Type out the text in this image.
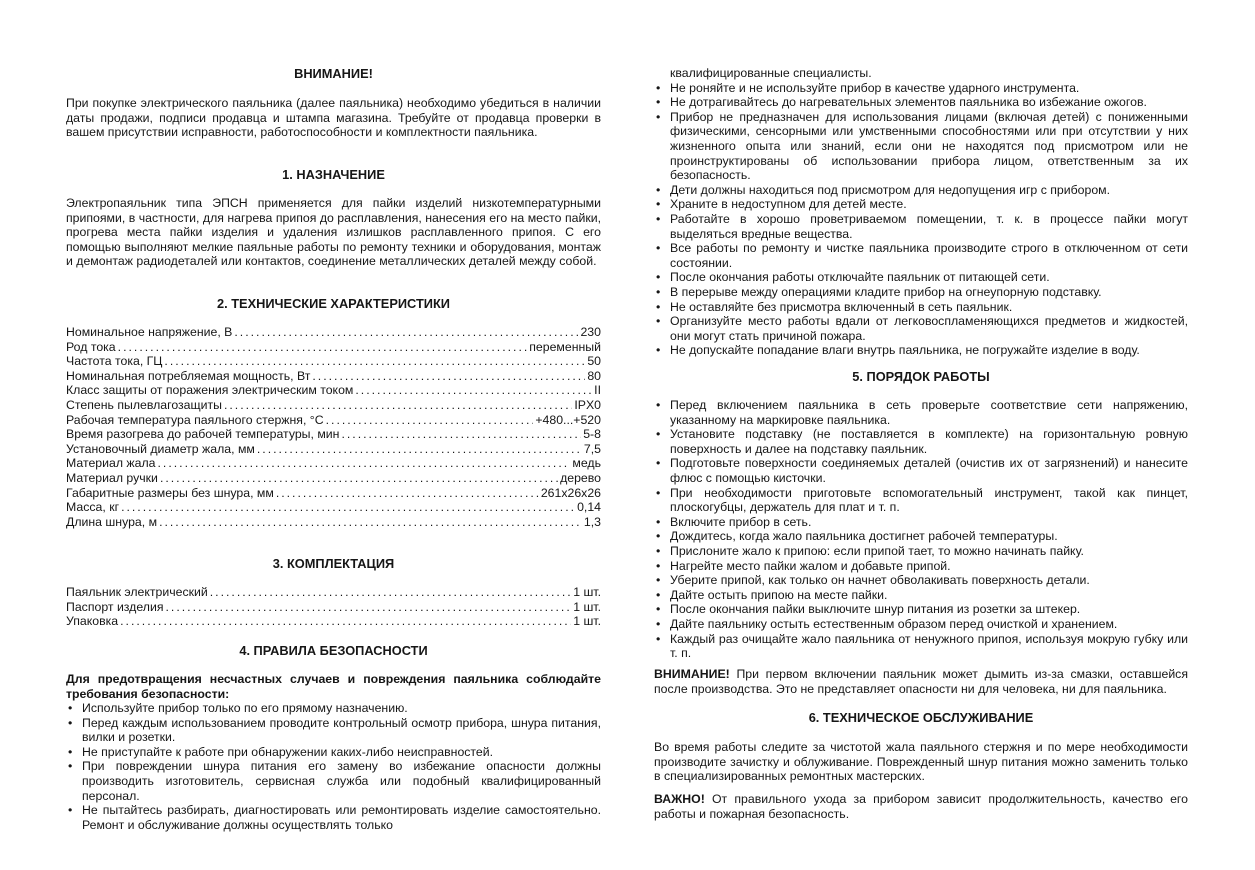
ВНИМАНИЕ!

При покупке электрического паяльника (далее паяльника) необходимо убедиться в наличии даты продажи, подписи продавца и штампа магазина. Требуйте от продавца проверки в вашем присутствии исправности, работоспособности и комплектности паяльника.

1. НАЗНАЧЕНИЕ

Электропаяльник типа ЭПСН применяется для пайки изделий низкотемпературными припоями, в частности, для нагрева припоя до расплавления, нанесения его на место пайки, прогрева места пайки изделия и удаления излишков расплавленного припоя. С его помощью выполняют мелкие паяльные работы по ремонту техники и оборудования, монтаж и демонтаж радиодеталей или контактов, соединение металлических деталей между собой.

2. ТЕХНИЧЕСКИЕ ХАРАКТЕРИСТИКИ
Номинальное напряжение, В .....	230
Род тока .....	переменный
Частота тока, ГЦ .....	50
Номинальная потребляемая мощность, Вт .....	80
Класс защиты от поражения электрическим током .....	II
Степень пылевлагозащиты .....	IPX0
Рабочая температура паяльного стержня, °С .....	+480...+520
Время разогрева до рабочей температуры, мин .....	5-8
Установочный диаметр жала, мм .....	7,5
Материал жала .....	медь
Материал ручки .....	дерево
Габаритные размеры без шнура, мм .....	261x26x26
Масса, кг .....	0,14
Длина шнура, м .....	1,3
3. КОМПЛЕКТАЦИЯ
Паяльник электрический .....	1 шт.
Паспорт изделия .....	1 шт.
Упаковка .....	1 шт.
4. ПРАВИЛА БЕЗОПАСНОСТИ

Для предотвращения несчастных случаев и повреждения паяльника соблюдайте требования безопасности:

• Используйте прибор только по его прямому назначению.
• Перед каждым использованием проводите контрольный осмотр прибора, шнура питания, вилки и розетки.
• Не приступайте к работе при обнаружении каких-либо неисправностей.
• При повреждении шнура питания его замену во избежание опасности должны производить изготовитель, сервисная служба или подобный квалифицированный персонал.
• Не пытайтесь разбирать, диагностировать или ремонтировать изделие самостоятельно. Ремонт и обслуживание должны осуществлять только
квалифицированные специалисты.
• Не роняйте и не используйте прибор в качестве ударного инструмента.
• Не дотрагивайтесь до нагревательных элементов паяльника во избежание ожогов.
• Прибор не предназначен для использования лицами (включая детей) с пониженными физическими, сенсорными или умственными способностями или при отсутствии у них жизненного опыта или знаний, если они не находятся под присмотром или не проинструктированы об использовании прибора лицом, ответственным за их безопасность.
• Дети должны находиться под присмотром для недопущения игр с прибором.
• Храните в недоступном для детей месте.
• Работайте в хорошо проветриваемом помещении, т. к. в процессе пайки могут выделяться вредные вещества.
• Все работы по ремонту и чистке паяльника производите строго в отключенном от сети состоянии.
• После окончания работы отключайте паяльник от питающей сети.
• В перерыве между операциями кладите прибор на огнеупорную подставку.
• Не оставляйте без присмотра включенный в сеть паяльник.
• Организуйте место работы вдали от легковоспламеняющихся предметов и жидкостей, они могут стать причиной пожара.
• Не допускайте попадание влаги внутрь паяльника, не погружайте изделие в воду.
5. ПОРЯДОК РАБОТЫ
• Перед включением паяльника в сеть проверьте соответствие сети напряжению, указанному на маркировке паяльника.
• Установите подставку (не поставляется в комплекте) на горизонтальную ровную поверхность и далее на подставку паяльник.
• Подготовьте поверхности соединяемых деталей (очистив их от загрязнений) и нанесите флюс с помощью кисточки.
• При необходимости приготовьте вспомогательный инструмент, такой как пинцет, плоскогубцы, держатель для плат и т. п.
• Включите прибор в сеть.
• Дождитесь, когда жало паяльника достигнет рабочей температуры.
• Прислоните жало к припою: если припой тает, то можно начинать пайку.
• Нагрейте место пайки жалом и добавьте припой.
• Уберите припой, как только он начнет обволакивать поверхность детали.
• Дайте остыть припою на месте пайки.
• После окончания пайки выключите шнур питания из розетки за штекер.
• Дайте паяльнику остыть естественным образом перед очисткой и хранением.
• Каждый раз очищайте жало паяльника от ненужного припоя, используя мокрую губку или т. п.

ВНИМАНИЕ! При первом включении паяльник может дымить из-за смазки, оставшейся после производства. Это не представляет опасности ни для человека, ни для паяльника.

6. ТЕХНИЧЕСКОЕ ОБСЛУЖИВАНИЕ

Во время работы следите за чистотой жала паяльного стержня и по мере необходимости производите зачистку и облуживание. Поврежденный шнур питания можно заменить только в специализированных ремонтных мастерских.

ВАЖНО! От правильного ухода за прибором зависит продолжительность, качество его работы и пожарная безопасность.
